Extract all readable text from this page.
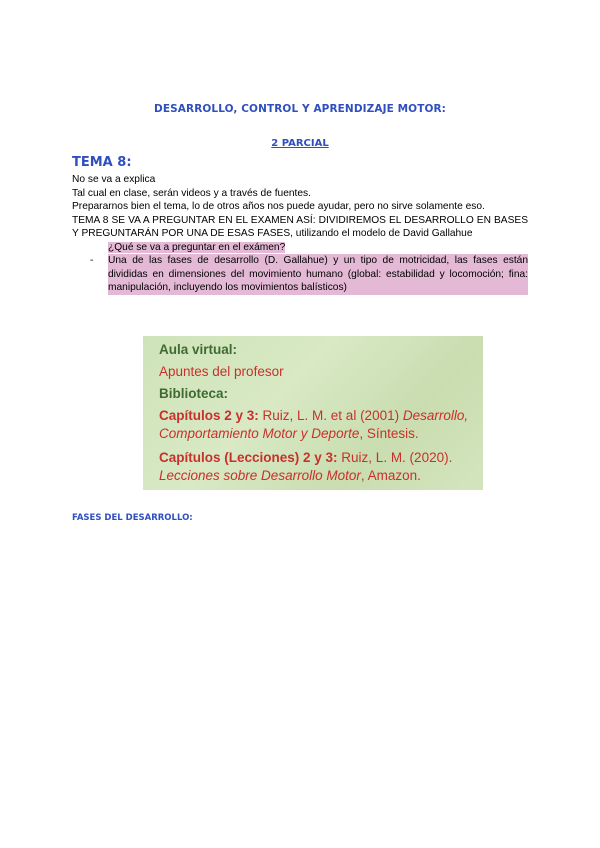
DESARROLLO, CONTROL Y APRENDIZAJE MOTOR:
2 PARCIAL
TEMA 8:

No se va a explica

Tal cual en clase, serán videos y a través de fuentes.

Prepararnos bien el tema, lo de otros años nos puede ayudar, pero no sirve solamente eso.

TEMA 8 SE VA A PREGUNTAR EN EL EXAMEN ASÍ: DIVIDIREMOS EL DESARROLLO EN BASES Y PREGUNTARÁN POR UNA DE ESAS FASES, utilizando el modelo de David Gallahue

¿Qué se va a preguntar en el exámen?

- Una de las fases de desarrollo (D. Gallahue) y un tipo de motricidad, las fases están divididas en dimensiones del movimiento humano (global: estabilidad y locomoción; fina: manipulación, incluyendo los movimientos balísticos)
Aula virtual:
Apuntes del profesor
Biblioteca:
Capítulos 2 y 3: Ruiz, L. M. et al (2001) Desarrollo,
Comportamiento Motor y Deporte, Síntesis.
Capítulos (Lecciones) 2 y 3: Ruiz, L. M. (2020).
Lecciones sobre Desarrollo Motor, Amazon.
FASES DEL DESARROLLO:
